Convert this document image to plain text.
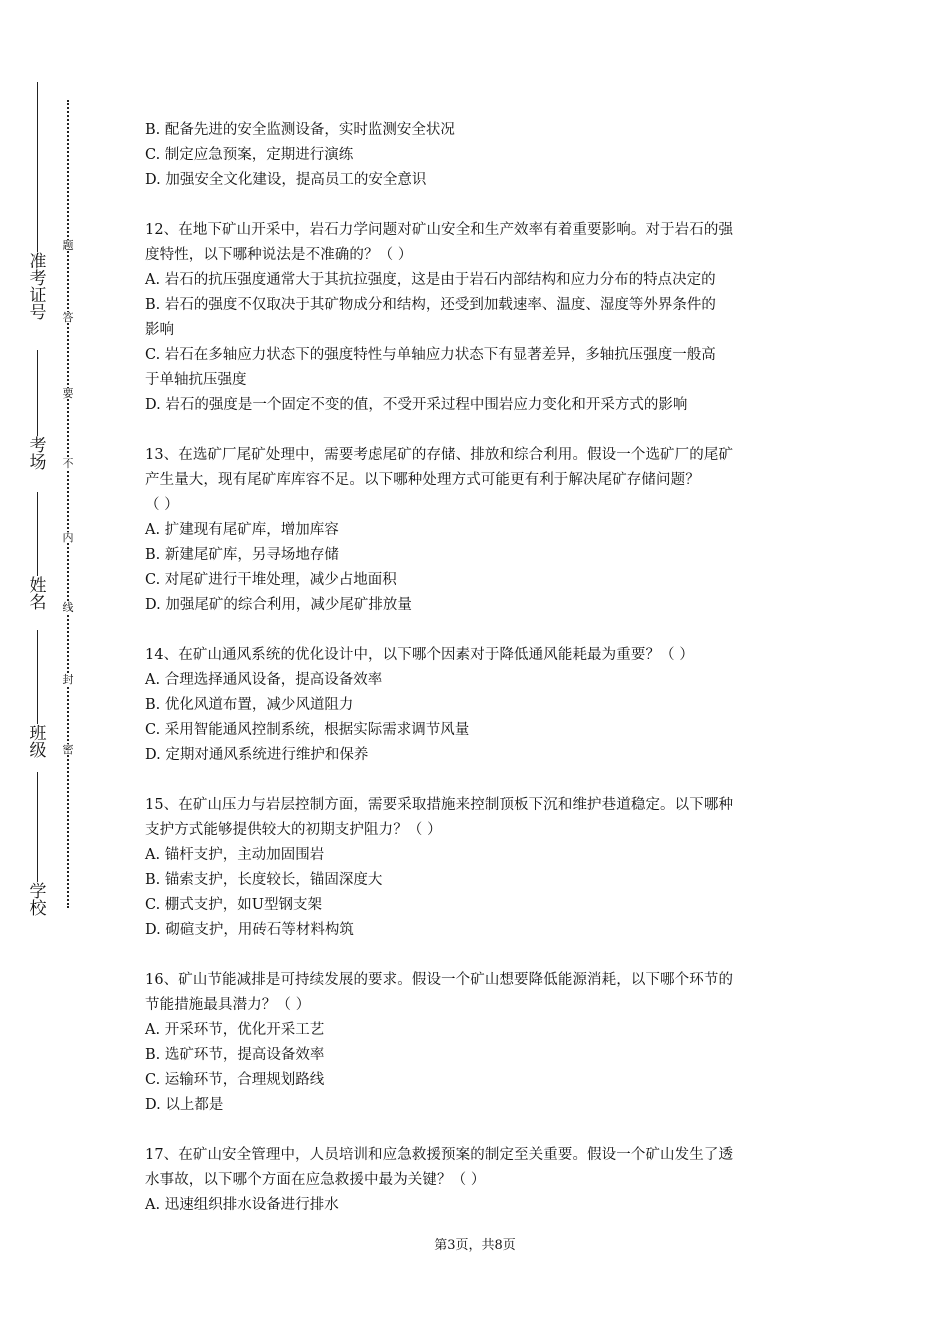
准
考
证
号
考
场
姓
名
班
级
学
校
题
答
要
不
内
线
封
密
B. 配备先进的安全监测设备，实时监测安全状况
C. 制定应急预案，定期进行演练
D. 加强安全文化建设，提高员工的安全意识
12、在地下矿山开采中，岩石力学问题对矿山安全和生产效率有着重要影响。对于岩石的强
度特性，以下哪种说法是不准确的？（ ）
A. 岩石的抗压强度通常大于其抗拉强度，这是由于岩石内部结构和应力分布的特点决定的
B. 岩石的强度不仅取决于其矿物成分和结构，还受到加载速率、温度、湿度等外界条件的
影响
C. 岩石在多轴应力状态下的强度特性与单轴应力状态下有显著差异，多轴抗压强度一般高
于单轴抗压强度
D. 岩石的强度是一个固定不变的值，不受开采过程中围岩应力变化和开采方式的影响
13、在选矿厂尾矿处理中，需要考虑尾矿的存储、排放和综合利用。假设一个选矿厂的尾矿
产生量大，现有尾矿库库容不足。以下哪种处理方式可能更有利于解决尾矿存储问题？
（ ）
A. 扩建现有尾矿库，增加库容
B. 新建尾矿库，另寻场地存储
C. 对尾矿进行干堆处理，减少占地面积
D. 加强尾矿的综合利用，减少尾矿排放量
14、在矿山通风系统的优化设计中，以下哪个因素对于降低通风能耗最为重要？（ ）
A. 合理选择通风设备，提高设备效率
B. 优化风道布置，减少风道阻力
C. 采用智能通风控制系统，根据实际需求调节风量
D. 定期对通风系统进行维护和保养
15、在矿山压力与岩层控制方面，需要采取措施来控制顶板下沉和维护巷道稳定。以下哪种
支护方式能够提供较大的初期支护阻力？（ ）
A. 锚杆支护，主动加固围岩
B. 锚索支护，长度较长，锚固深度大
C. 棚式支护，如U型钢支架
D. 砌碹支护，用砖石等材料构筑
16、矿山节能减排是可持续发展的要求。假设一个矿山想要降低能源消耗，以下哪个环节的
节能措施最具潜力？（ ）
A. 开采环节，优化开采工艺
B. 选矿环节，提高设备效率
C. 运输环节，合理规划路线
D. 以上都是
17、在矿山安全管理中，人员培训和应急救援预案的制定至关重要。假设一个矿山发生了透
水事故，以下哪个方面在应急救援中最为关键？（ ）
A. 迅速组织排水设备进行排水
第3页，共8页
